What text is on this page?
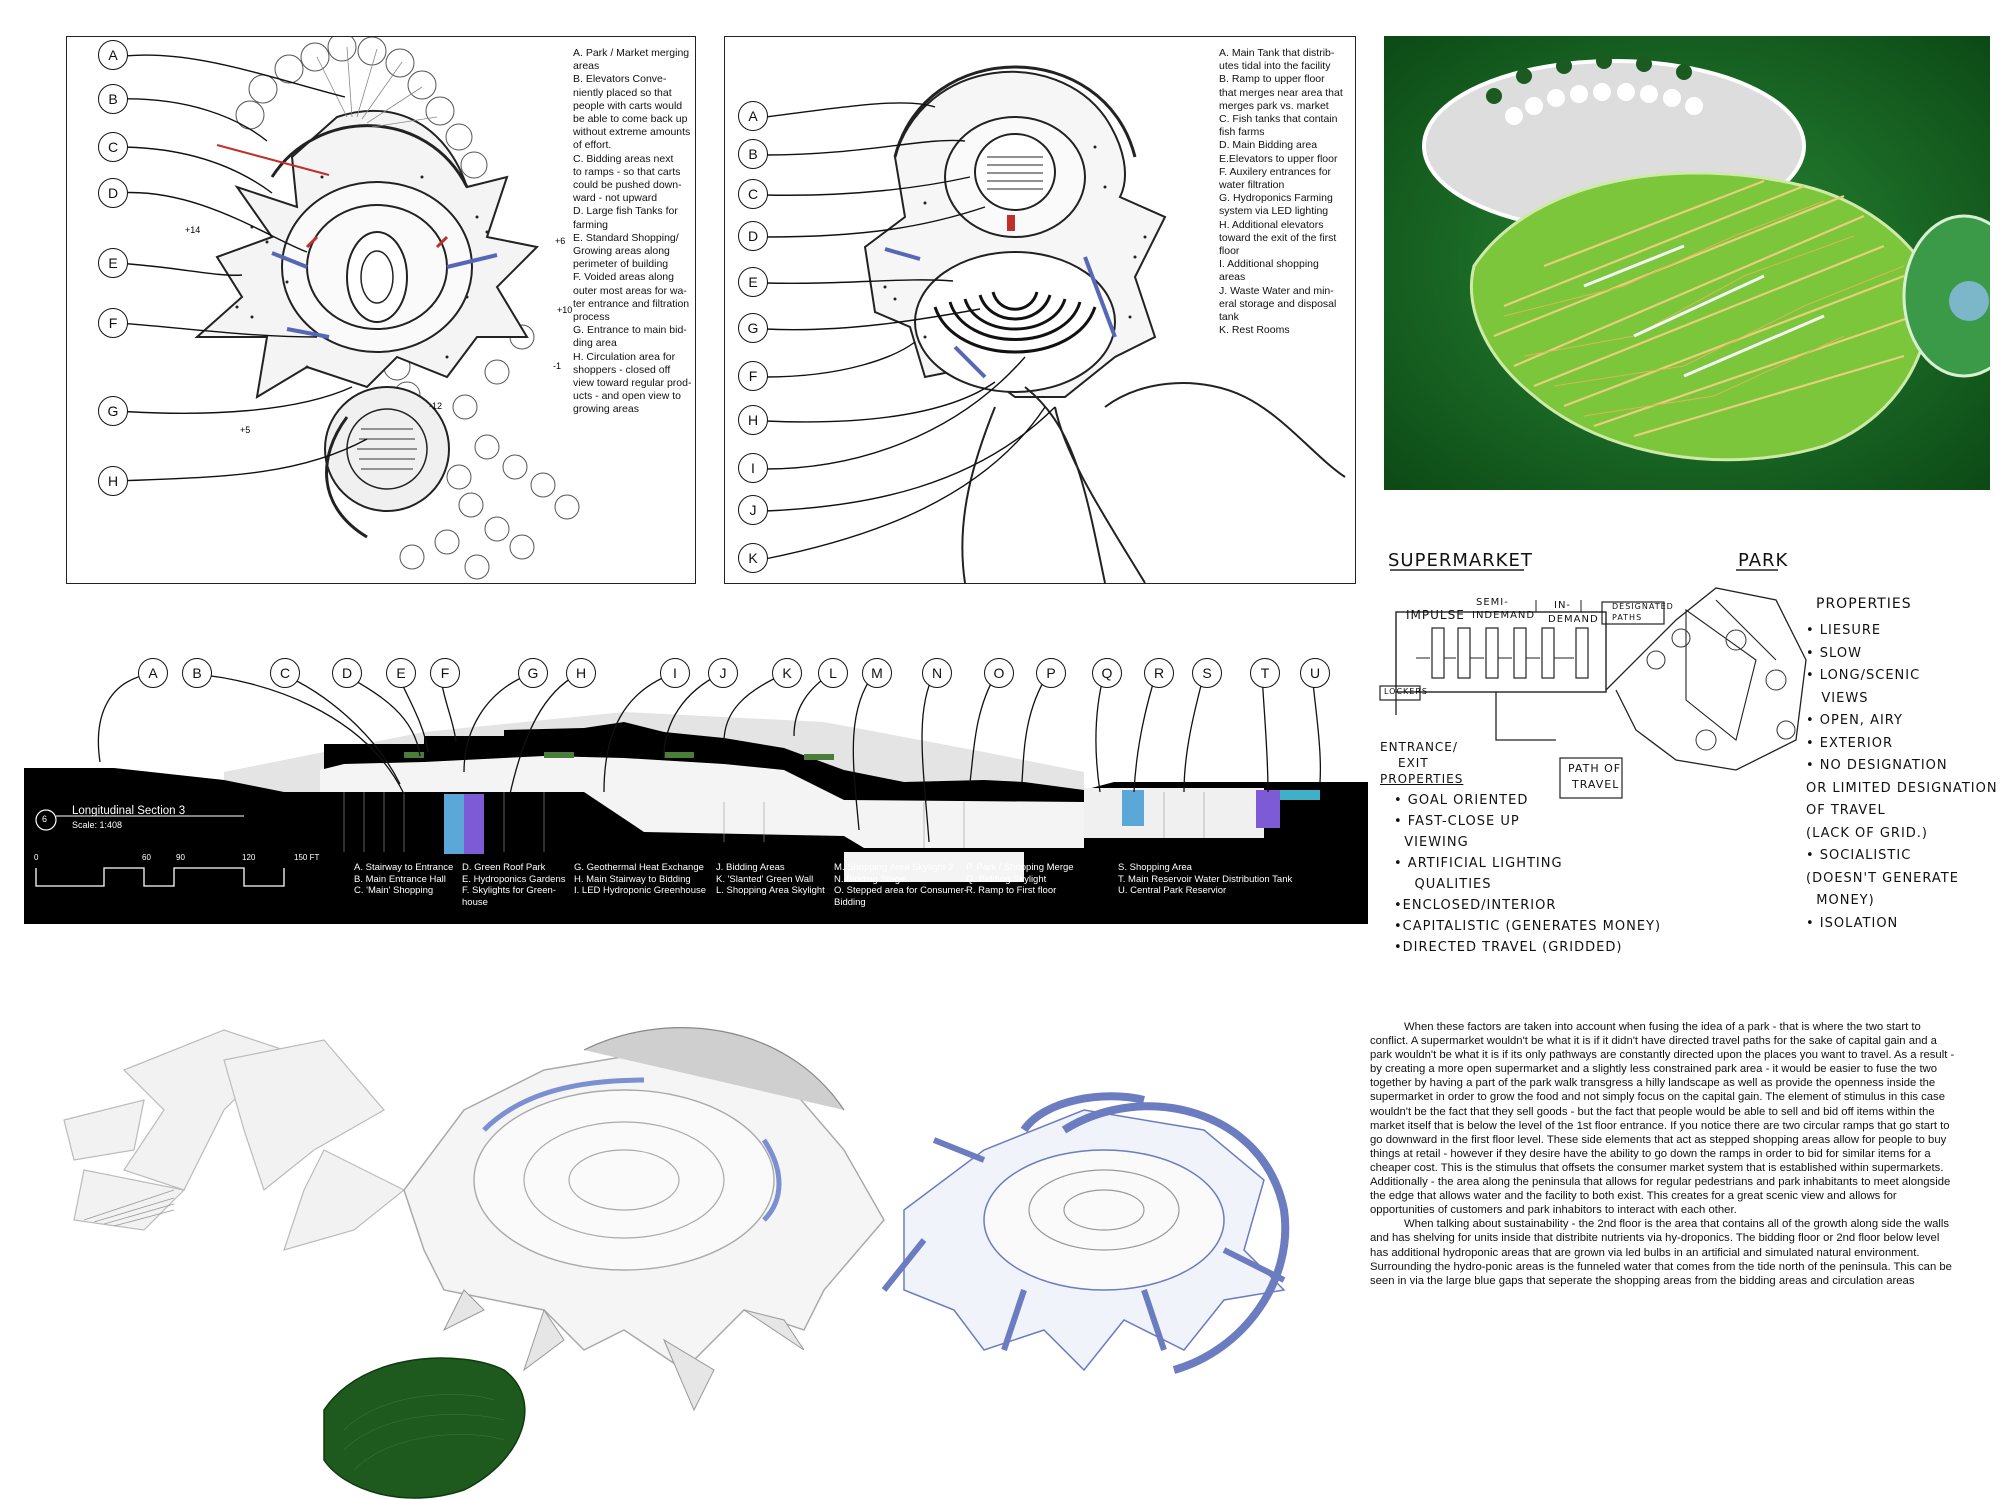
+14
+6
+10
-1
-12
+5
A. Park / Market merging
areas
B. Elevators Conve-
niently placed so that
people with carts would
be able to come back up
without extreme amounts
of effort.
C. Bidding areas next
to ramps - so that carts
could be pushed down-
ward - not upward
D. Large fish Tanks for
farming
E. Standard Shopping/
Growing areas along
perimeter of building
F. Voided areas along
outer most areas for wa-
ter entrance and filtration
process
G. Entrance to main bid-
ding area
H. Circulation area for
shoppers - closed off
view toward regular prod-
ucts - and open view to
growing areas
A
B
C
D
E
F
G
H
A. Main Tank that distrib-
utes tidal into the facility
B. Ramp to upper floor
that merges near area that
merges park vs. market
C. Fish tanks that contain
fish farms
D. Main Bidding area
E.Elevators to upper floor
F. Auxilery entrances for
water filtration
G. Hydroponics Farming
system via LED lighting
H. Additional elevators
toward the exit of the first
floor
I. Additional shopping
areas
J. Waste Water and min-
eral storage and disposal
tank
K. Rest Rooms
A
B
C
D
E
G
F
H
I
J
K	SUPERMARKET	PARK
IMPULSE
SEMI-
INDEMAND
IN-
DEMAND
DESIGNATED
PATHS
LOCKERS
ENTRANCE/
EXIT	PATH OF
TRAVEL
PROPERTIES
• GOAL ORIENTED
• FAST-CLOSE UP
VIEWING
• ARTIFICIAL LIGHTING
QUALITIES
•ENCLOSED/INTERIOR
•CAPITALISTIC (GENERATES MONEY)
•DIRECTED TRAVEL (GRIDDED)
PROPERTIES
• LIESURE
• SLOW
• LONG/SCENIC
VIEWS
• OPEN, AIRY
• EXTERIOR
• NO DESIGNATION
OR LIMITED DESIGNATION
OF TRAVEL
(LACK OF GRID.)
• SOCIALISTIC
(DOESN'T GENERATE
MONEY)
• ISOLATION
6
Longitudinal Section 3
Scale: 1:408
0	60	90	120	150 FT
A. Stairway to Entrance
B. Main Entrance Hall
C. 'Main' Shopping
D. Green Roof Park
E. Hydroponics Gardens
F. Skylights for Green-
house
G. Geothermal Heat Exchange
H. Main Stairway to Bidding
I. LED Hydroponic Greenhouse
J. Bidding Areas
K. 'Slanted' Green Wall
L. Shopping Area Skylight
M. Shopping Area Skylight 2
N. Bidding Stage
O. Stepped area for Consumer-
Bidding
P. Park / Shopping Merge
Q. Bidding Skylight
R. Ramp to First floor
S. Shopping Area
T. Main Reservoir Water Distribution Tank
U. Central Park Reservior
A	B	C	D	E	F	G	H	I	J	K	L	M	N	O	P	Q	R	S	T	U

When these factors are taken into account when fusing the idea of a park - that is where the two start to conflict. A supermarket wouldn't be what it is if it didn't have directed travel paths for the sake of capital gain and a park wouldn't be what it is if its only pathways are constantly directed upon the places you want to travel. As a result - by creating a more open supermarket and a slightly less constrained park area - it would be easier to fuse the two together by having a part of the park walk transgress a hilly landscape as well as provide the openness inside the supermarket in order to grow the food and not simply focus on the capital gain. The element of stimulus in this case wouldn't be the fact that they sell goods - but the fact that people would be able to sell and bid off items within the market itself that is below the level of the 1st floor entrance. If you notice there are two circular ramps that go start to go downward in the first floor level. These side elements that act as stepped shopping areas allow for people to buy things at retail - however if they desire have the ability to go down the ramps in order to bid for similar items for a cheaper cost. This is the stimulus that offsets the consumer market system that is established within supermarkets. Additionally - the area along the peninsula that allows for regular pedestrians and park inhabitants to meet alongside the edge that allows water and the facility to both exist. This creates for a great scenic view and allows for opportunities of customers and park inhabitors to interact with each other.

When talking about sustainability - the 2nd floor is the area that contains all of the growth along side the walls and has shelving for units inside that distribite nutrients via hy-droponics. The bidding floor or 2nd floor below level has additional hydroponic areas that are grown via led bulbs in an artificial and simulated natural environment. Surrounding the hydro-ponic areas is the funneled water that comes from the tide north of the peninsula. This can be seen in via the large blue gaps that seperate the shopping areas from the bidding areas and circulation areas
